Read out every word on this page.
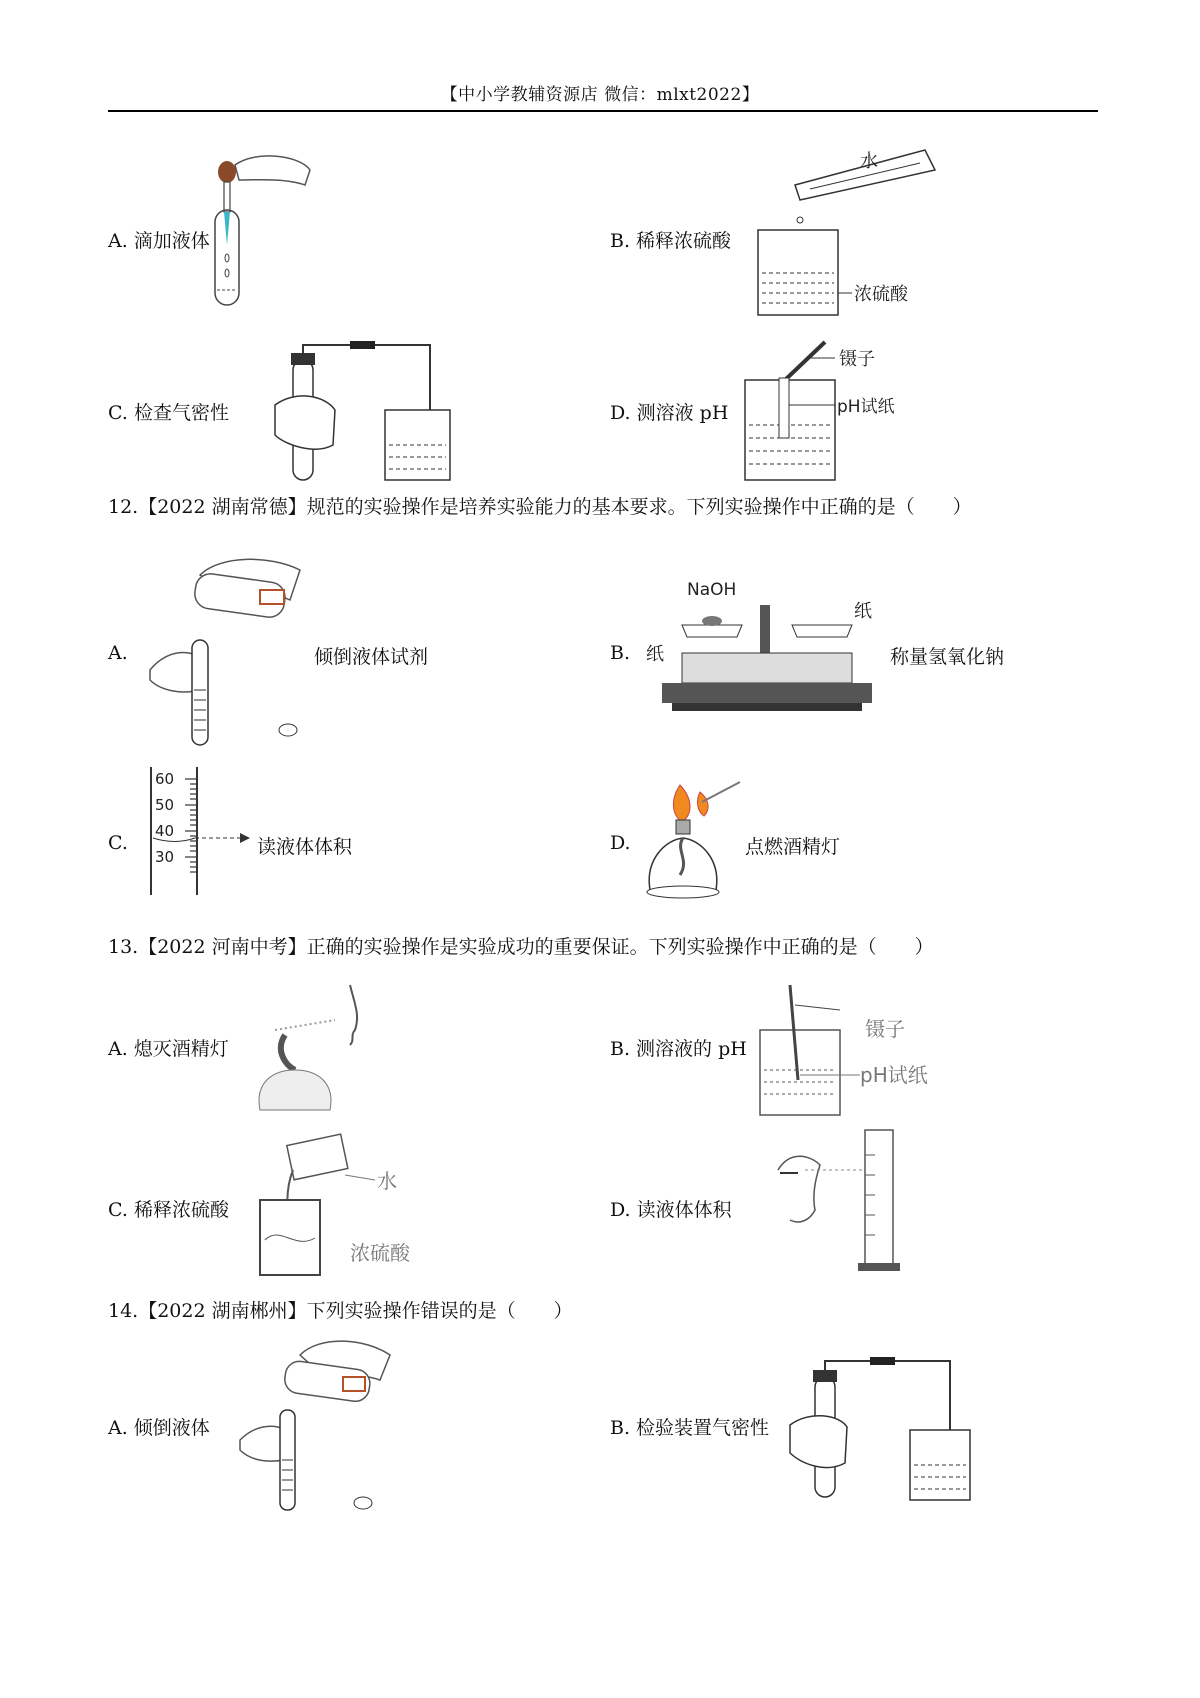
【中小学教辅资源店 微信：mlxt2022】
A. 滴加液体	B. 稀释浓硫酸
水
浓硫酸
C. 检查气密性	D. 测溶液 pH
镊子
pH试纸
12.【2022 湖南常德】规范的实验操作是培养实验能力的基本要求。下列实验操作中正确的是（　　）
A.	倾倒液体试剂	B.
NaOH
纸
纸
称量氢氧化钠
C.
60
50
40
30	读液体体积	D.	点燃酒精灯
13.【2022 河南中考】正确的实验操作是实验成功的重要保证。下列实验操作中正确的是（　　）
A. 熄灭酒精灯	B. 测溶液的 pH
镊子
pH试纸
C. 稀释浓硫酸
水
浓硫酸
D. 读液体体积
14.【2022 湖南郴州】下列实验操作错误的是（　　）
A. 倾倒液体	B. 检验装置气密性
